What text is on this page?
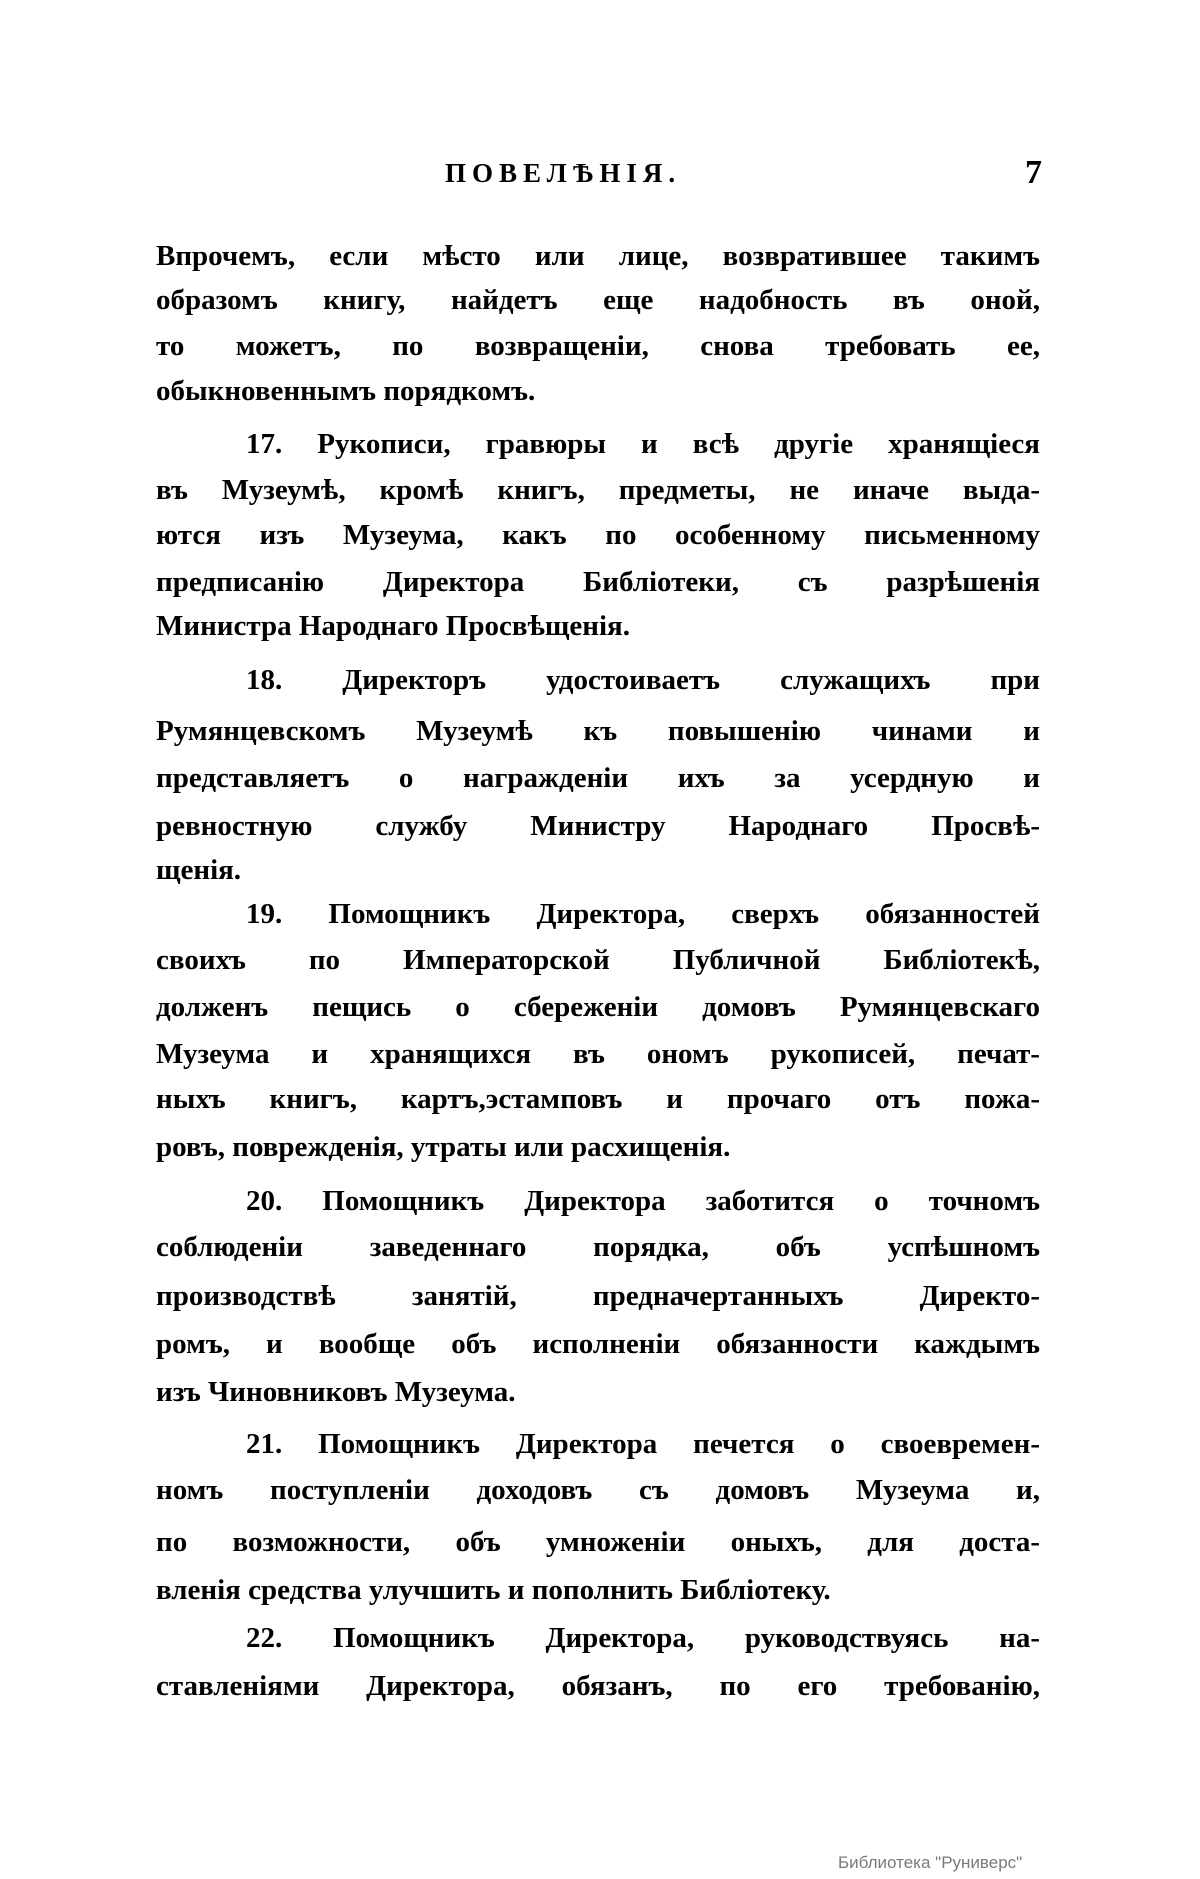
ПОВЕЛѢНІЯ.	7
Впрочемъ, если мѣсто или лице, возвратившее такимъ
образомъ книгу, найдетъ еще надобность въ оной,
то можетъ, по возвращеніи, снова требовать ее,
обыкновеннымъ порядкомъ.
17. Рукописи, гравюры и всѣ другіе хранящіеся
въ Музеумѣ, кромѣ книгъ, предметы, не иначе выда-
ются изъ Музеума, какъ по особенному письменному
предписанію Директора Библіотеки, съ разрѣшенія
Министра Народнаго Просвѣщенія.
18. Директоръ удостоиваетъ служащихъ при
Румянцевскомъ Музеумѣ къ повышенію чинами и
представляетъ о награжденіи ихъ за усердную и
ревностную службу Министру Народнаго Просвѣ-
щенія.
19. Помощникъ Директора, сверхъ обязанностей
своихъ по Императорской Публичной Библіотекѣ,
долженъ пещись о сбереженіи домовъ Румянцевскаго
Музеума и хранящихся въ ономъ рукописей, печат-
ныхъ книгъ, картъ,эстамповъ и прочаго отъ пожа-
ровъ, поврежденія, утраты или расхищенія.
20. Помощникъ Директора заботится о точномъ
соблюденіи заведеннаго порядка, объ успѣшномъ
производствѣ занятій, предначертанныхъ Директо-
ромъ, и вообще объ исполненіи обязанности каждымъ
изъ Чиновниковъ Музеума.
21. Помощникъ Директора печется о своевремен-
номъ поступленіи доходовъ съ домовъ Музеума и,
по возможности, объ умноженіи оныхъ, для доста-
вленія средства улучшить и пополнить Библіотеку.
22. Помощникъ Директора, руководствуясь на-
ставленіями Директора, обязанъ, по его требованію,
Библиотека "Руниверс"
